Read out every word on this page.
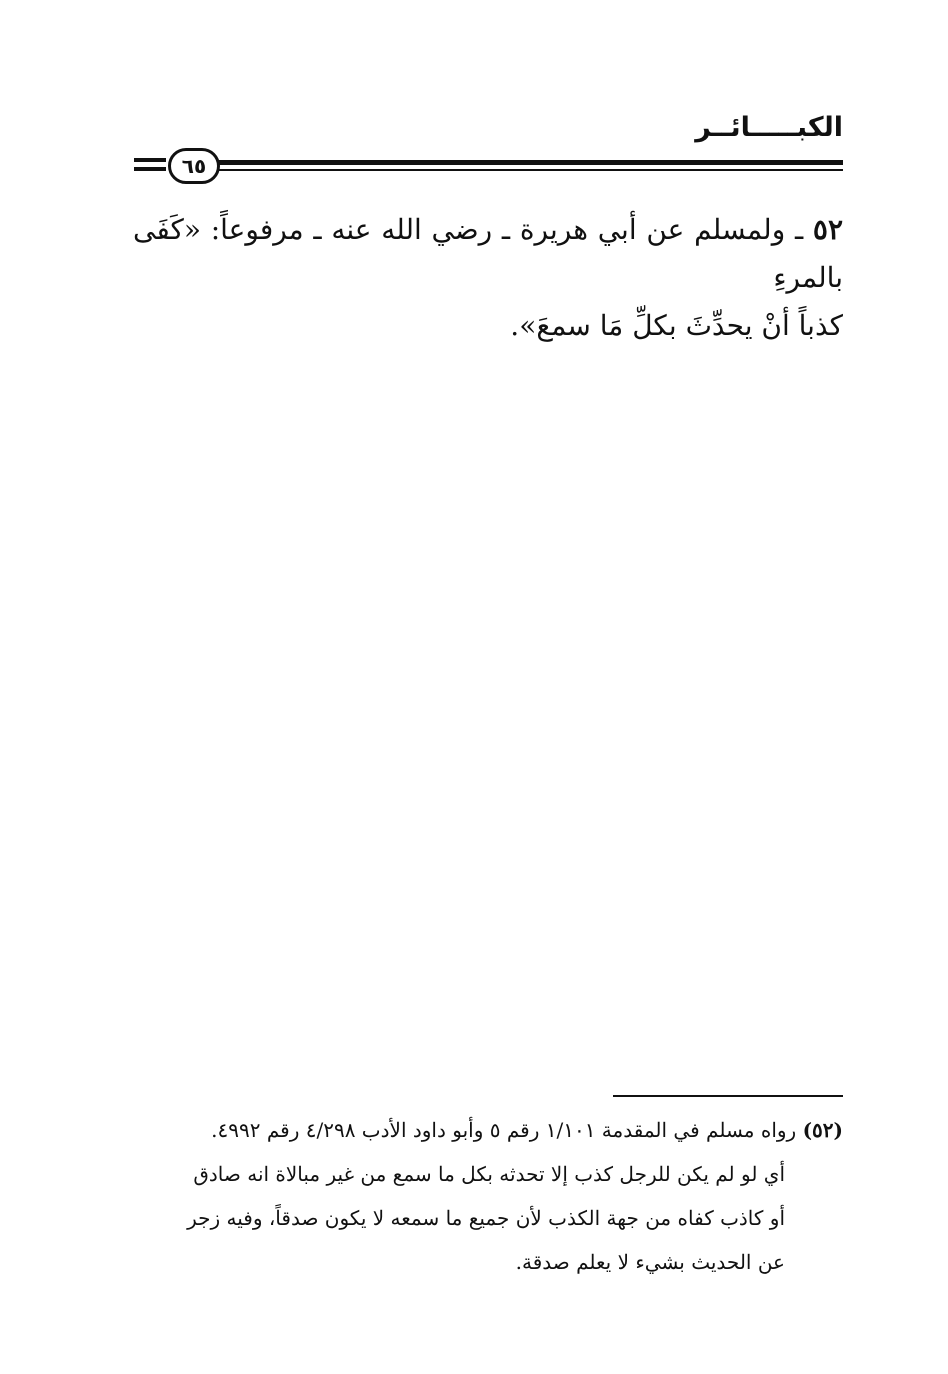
الكبـــــائــر
٦٥
٥٢ ـ ولمسلم عن أبي هريرة ـ رضي الله عنه ـ مرفوعاً: «كَفَى بالمرءِ
كذباً أنْ يحدِّثَ بكلِّ مَا سمعَ».
(٥٢) رواه مسلم في المقدمة ١/١٠١ رقم ٥ وأبو داود الأدب ٤/٢٩٨ رقم ٤٩٩٢.
أي لو لم يكن للرجل كذب إلا تحدثه بكل ما سمع من غير مبالاة انه صادق
أو كاذب كفاه من جهة الكذب لأن جميع ما سمعه لا يكون صدقاً، وفيه زجر
عن الحديث بشيء لا يعلم صدقة.
